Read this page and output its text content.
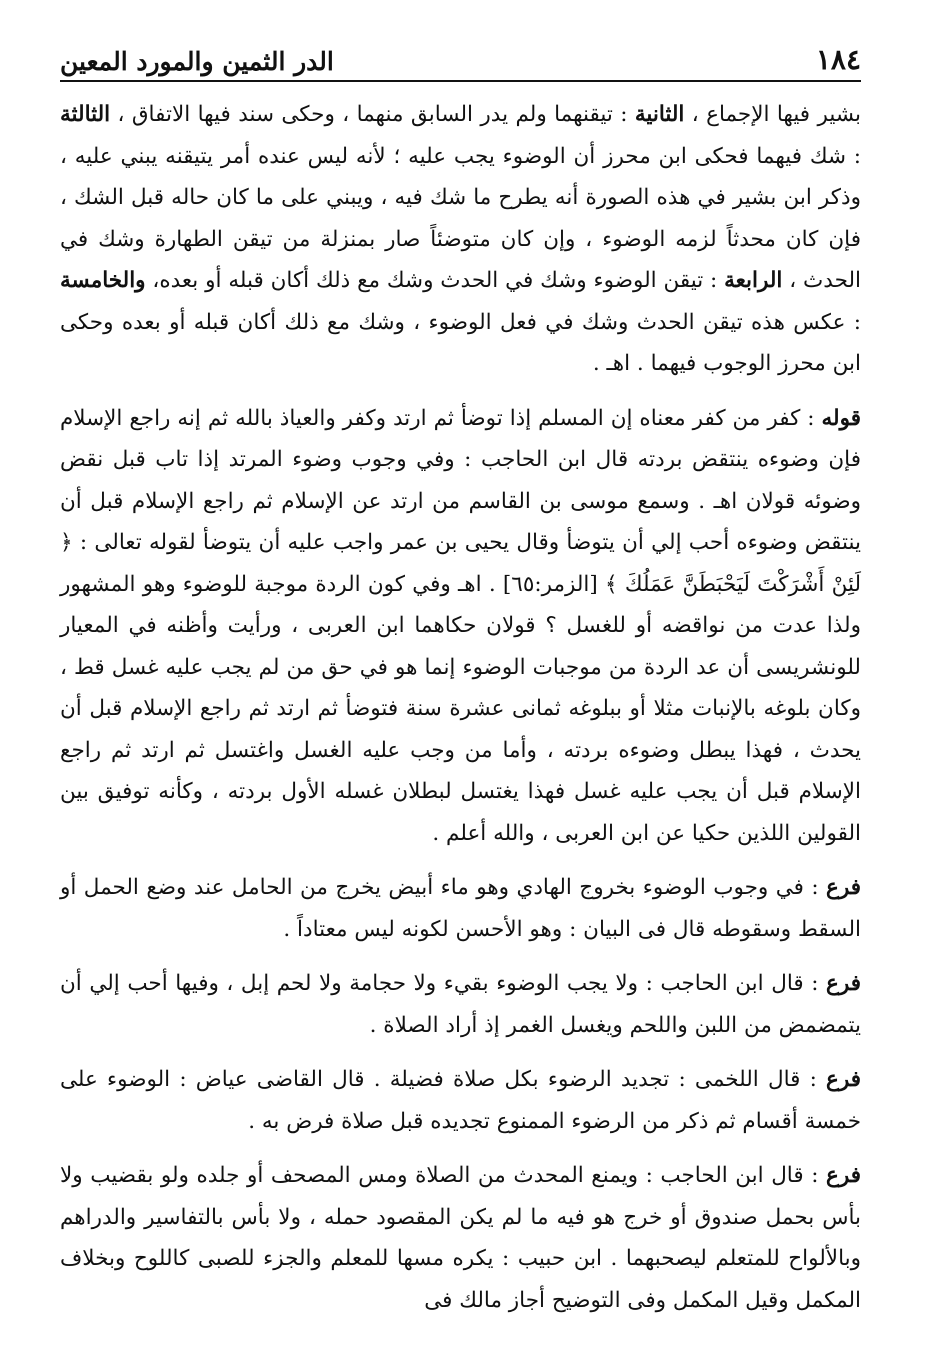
١٨٤
الدر الثمين والمورد المعين

بشير فيها الإجماع ، الثانية : تيقنهما ولم يدر السابق منهما ، وحكى سند فيها الاتفاق ، الثالثة : شك فيهما فحكى ابن محرز أن الوضوء يجب عليه ؛ لأنه ليس عنده أمر يتيقنه يبني عليه ، وذكر ابن بشير في هذه الصورة أنه يطرح ما شك فيه ، ويبني على ما كان حاله قبل الشك ، فإن كان محدثاً لزمه الوضوء ، وإن كان متوضئاً صار بمنزلة من تيقن الطهارة وشك في الحدث ، الرابعة : تيقن الوضوء وشك في الحدث وشك مع ذلك أكان قبله أو بعده، والخامسة : عكس هذه تيقن الحدث وشك في فعل الوضوء ، وشك مع ذلك أكان قبله أو بعده وحكى ابن محرز الوجوب فيهما . اهـ .

قوله : كفر من كفر معناه إن المسلم إذا توضأ ثم ارتد وكفر والعياذ بالله ثم إنه راجع الإسلام فإن وضوءه ينتقض بردته قال ابن الحاجب : وفي وجوب وضوء المرتد إذا تاب قبل نقض وضوئه قولان اهـ . وسمع موسى بن القاسم من ارتد عن الإسلام ثم راجع الإسلام قبل أن ينتقض وضوءه أحب إلي أن يتوضأ وقال يحيى بن عمر واجب عليه أن يتوضأ لقوله تعالى : ﴿ لَئِنْ أَشْرَكْتَ لَيَحْبَطَنَّ عَمَلُكَ ﴾ [الزمر:٦٥] . اهـ وفي كون الردة موجبة للوضوء وهو المشهور ولذا عدت من نواقضه أو للغسل ؟ قولان حكاهما ابن العربى ، ورأيت وأظنه في المعيار للونشريسى أن عد الردة من موجبات الوضوء إنما هو في حق من لم يجب عليه غسل قط ، وكان بلوغه بالإنبات مثلا أو ببلوغه ثمانى عشرة سنة فتوضأ ثم ارتد ثم راجع الإسلام قبل أن يحدث ، فهذا يبطل وضوءه بردته ، وأما من وجب عليه الغسل واغتسل ثم ارتد ثم راجع الإسلام قبل أن يجب عليه غسل فهذا يغتسل لبطلان غسله الأول بردته ، وكأنه توفيق بين القولين اللذين حكيا عن ابن العربى ، والله أعلم .

فرع : في وجوب الوضوء بخروج الهادي وهو ماء أبيض يخرج من الحامل عند وضع الحمل أو السقط وسقوطه قال فى البيان : وهو الأحسن لكونه ليس معتاداً .

فرع : قال ابن الحاجب : ولا يجب الوضوء بقيء ولا حجامة ولا لحم إبل ، وفيها أحب إلي أن يتمضمض من اللبن واللحم ويغسل الغمر إذ أراد الصلاة .

فرع : قال اللخمى : تجديد الرضوء بكل صلاة فضيلة . قال القاضى عياض : الوضوء على خمسة أقسام ثم ذكر من الرضوء الممنوع تجديده قبل صلاة فرض به .

فرع : قال ابن الحاجب : ويمنع المحدث من الصلاة ومس المصحف أو جلده ولو بقضيب ولا بأس بحمل صندوق أو خرج هو فيه ما لم يكن المقصود حمله ، ولا بأس بالتفاسير والدراهم وبالألواح للمتعلم ليصحبهما . ابن حبيب : يكره مسها للمعلم والجزء للصبى كاللوح وبخلاف المكمل وقيل المكمل وفى التوضيح أجاز مالك فى
